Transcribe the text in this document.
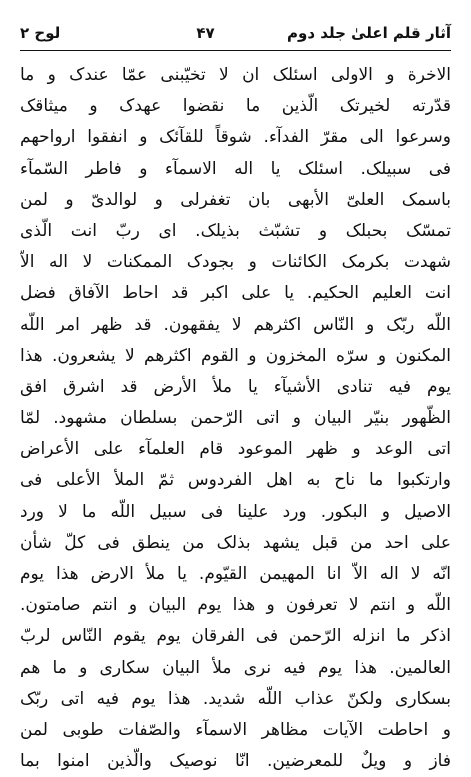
لوح ۲	۴۷	آثار قلم اعلیٰ جلد دوم
الاخرة و الاولی اسئلک ان لا تخیّبنی عمّا عندک و ما
قدّرته لخیرتک الّذین ما نقضوا عهدک و میثاقک
وسرعوا الی مقرّ الفدآء. شوقاً للقآئک و انفقوا ارواحهم
فی سبیلک. اسئلک یا اله الاسمآء و فاطر السّمآء
باسمک العلیّ الأبهی بان تغفرلی و لوالدیّ و لمن
تمسّک بحبلک و تشبّث بذیلک. ای ربّ انت الّذی
شهدت بکرمک الکائنات و بجودک الممکنات لا اله الاّ
انت العلیم الحکیم. یا علی اکبر قد احاط الآفاق فضل
اللّه ربّک و النّاس اکثرهم لا یفقهون. قد ظهر امر اللّه
المکنون و سرّه المخزون و القوم اکثرهم لا یشعرون. هذا
یوم فیه تنادی الأشیآء یا ملأ الأرض قد اشرق افق
الظّهور بنیّر البیان و اتی الرّحمن بسلطان مشهود. لمّا
اتی الوعد و ظهر الموعود قام العلمآء علی الأعراض
وارتکبوا ما ناح به اهل الفردوس ثمّ الملأ الأعلی فی
الاصیل و البکور. ورد علینا فی سبیل اللّه ما لا ورد
علی احد من قبل یشهد بذلک من ینطق فی کلّ شأن
انّه لا اله الاّ انا المهیمن القیّوم. یا ملأ الارض هذا یوم
اللّه و انتم لا تعرفون و هذا یوم البیان و انتم صامتون.
اذکر ما انزله الرّحمن فی الفرقان یوم یقوم النّاس لربّ
العالمین. هذا یوم فیه نری ملأ البیان سکاری و ما هم
بسکاری ولکنّ عذاب اللّه شدید. هذا یوم فیه اتی ربّک
و احاطت الآیات مظاهر الاسمآء والصّفات طوبی لمن
فاز و ویلٌ للمعرضین. انّا نوصیک والّذین امنوا بما
